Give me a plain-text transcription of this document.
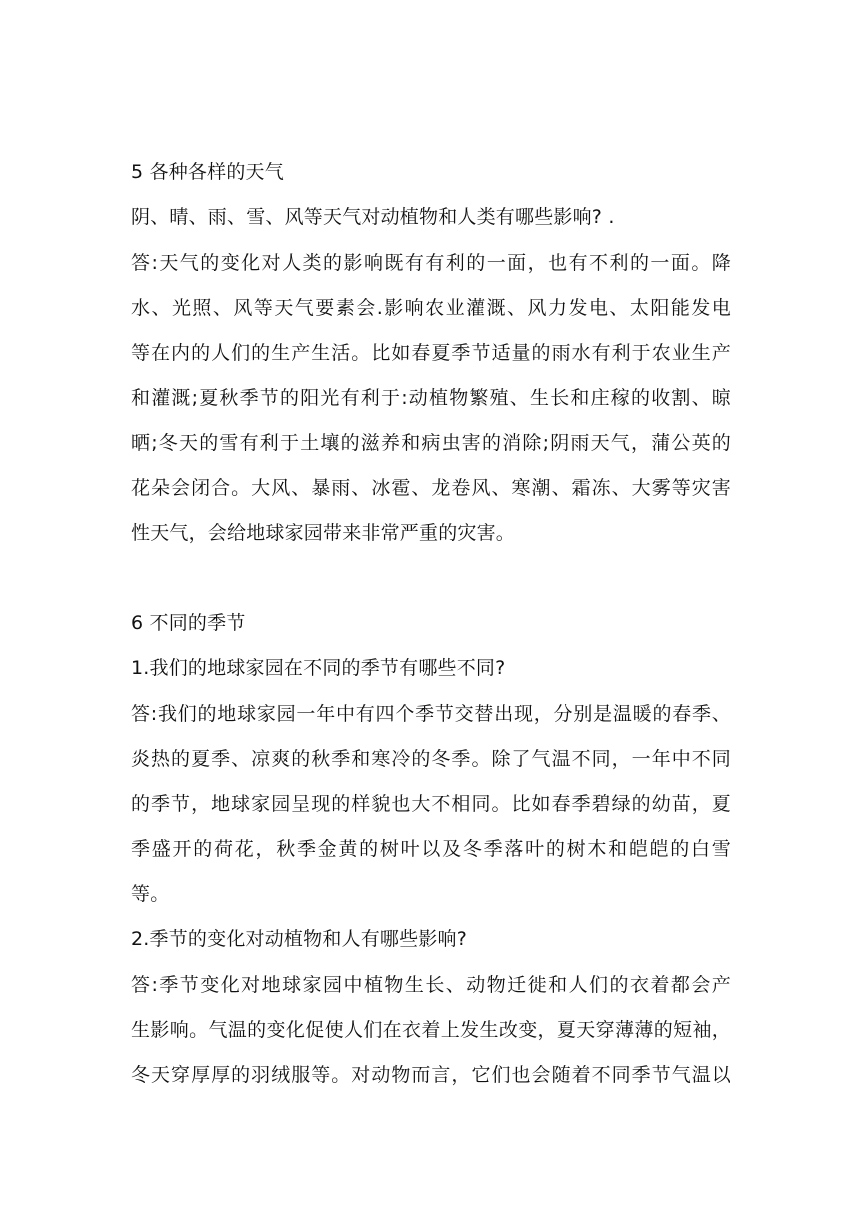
5 各种各样的天气
阴、晴、雨、雪、风等天气对动植物和人类有哪些影响? .
答:天气的变化对人类的影响既有有利的一面，也有不利的一面。降
水、光照、风等天气要素会.影响农业灌溉、风力发电、太阳能发电
等在内的人们的生产生活。比如春夏季节适量的雨水有利于农业生产
和灌溉;夏秋季节的阳光有利于:动植物繁殖、生长和庄稼的收割、晾
晒;冬天的雪有利于土壤的滋养和病虫害的消除;阴雨天气，蒲公英的
花朵会闭合。大风、暴雨、冰雹、龙卷风、寒潮、霜冻、大雾等灾害
性天气，会给地球家园带来非常严重的灾害。
6 不同的季节
1.我们的地球家园在不同的季节有哪些不同?
答:我们的地球家园一年中有四个季节交替出现，分别是温暖的春季、
炎热的夏季、凉爽的秋季和寒冷的冬季。除了气温不同，一年中不同
的季节，地球家园呈现的样貌也大不相同。比如春季碧绿的幼苗，夏
季盛开的荷花，秋季金黄的树叶以及冬季落叶的树木和皑皑的白雪
等。
2.季节的变化对动植物和人有哪些影响?
答:季节变化对地球家园中植物生长、动物迁徙和人们的衣着都会产
生影响。气温的变化促使人们在衣着上发生改变，夏天穿薄薄的短袖，
冬天穿厚厚的羽绒服等。对动物而言，它们也会随着不同季节气温以
